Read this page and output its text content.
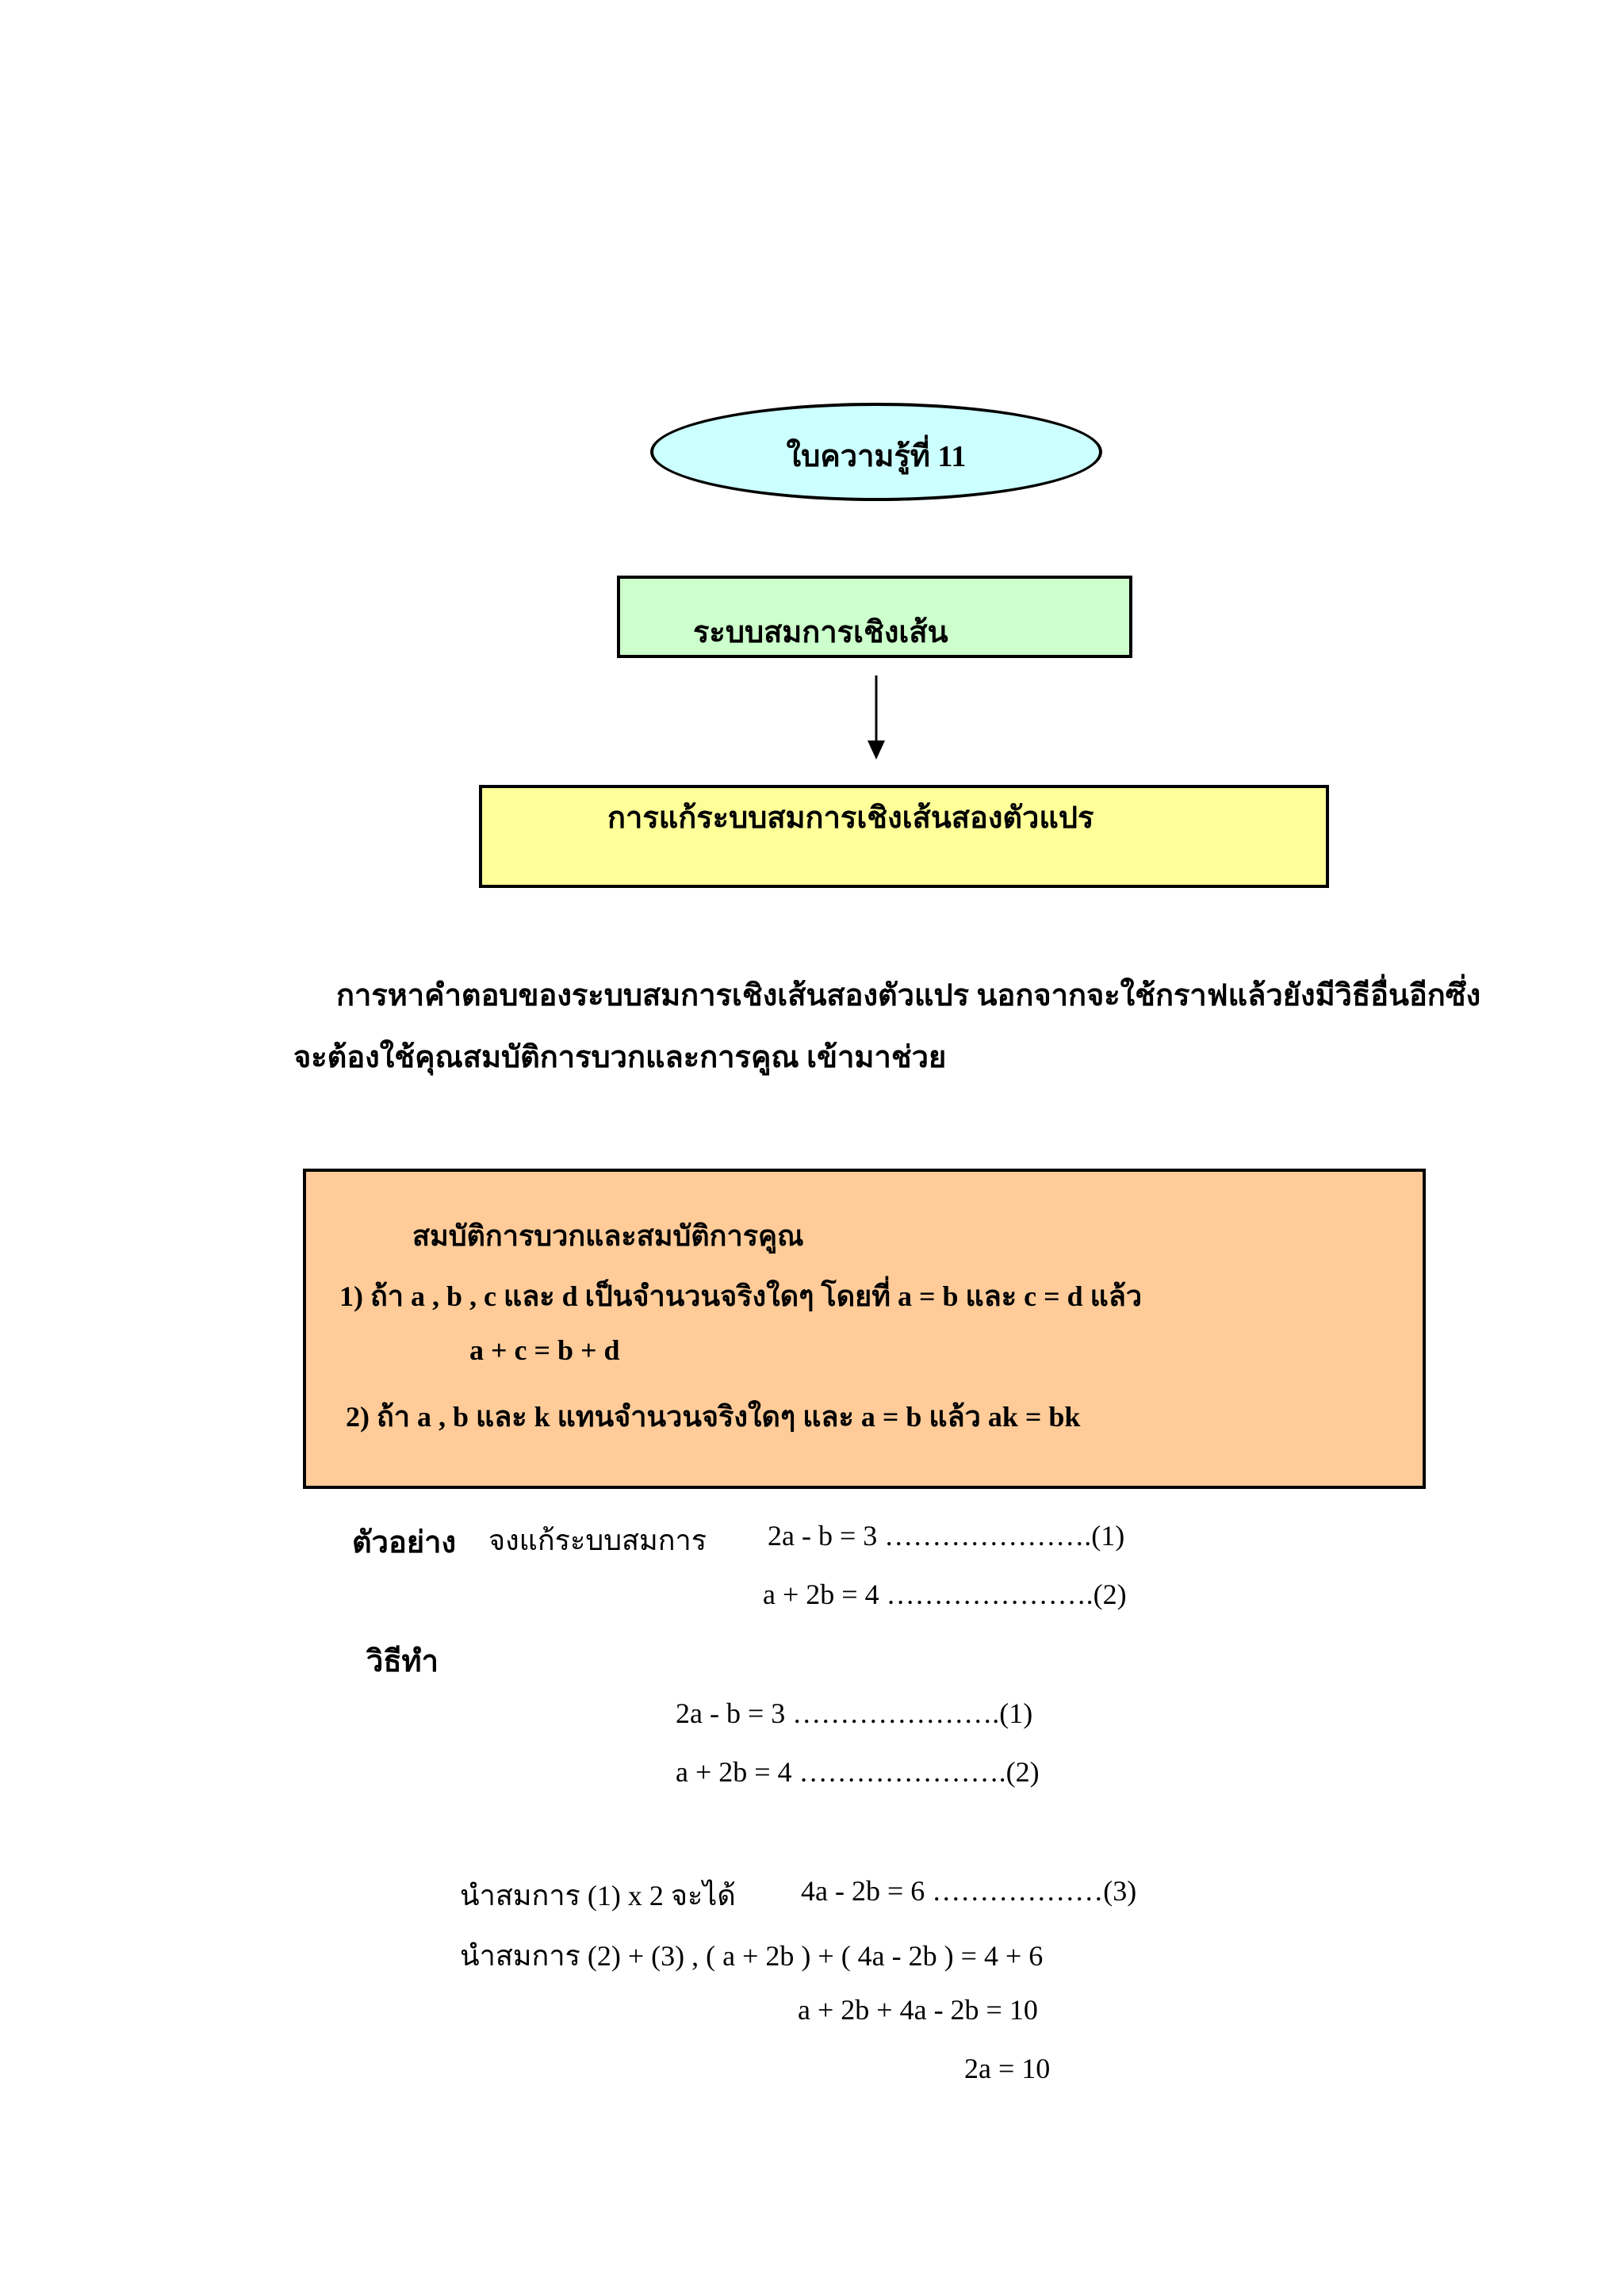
ใบความรู้ที่ 11
ระบบสมการเชิงเส้น
การแก้ระบบสมการเชิงเส้นสองตัวแปร
การหาคำตอบของระบบสมการเชิงเส้นสองตัวแปร นอกจากจะใช้กราฟแล้วยังมีวิธีอื่นอีกซึ่ง
จะต้องใช้คุณสมบัติการบวกและการคูณ เข้ามาช่วย
สมบัติการบวกและสมบัติการคูณ
1) ถ้า a , b , c และ d เป็นจำนวนจริงใดๆ โดยที่ a = b และ c = d แล้ว
a + c = b + d
2) ถ้า a , b และ k แทนจำนวนจริงใดๆ และ a = b แล้ว ak = bk
ตัวอย่าง จงแก้ระบบสมการ 2a - b = 3 ………………….(1)
a + 2b = 4 ………………….(2)
วิธีทำ
2a - b = 3 ………………….(1)
a + 2b = 4 ………………….(2)
นำสมการ (1) x 2 จะได้ 4a - 2b = 6 ………………(3)
นำสมการ (2) + (3) , ( a + 2b ) + ( 4a - 2b ) = 4 + 6
a + 2b + 4a - 2b = 10
2a = 10
